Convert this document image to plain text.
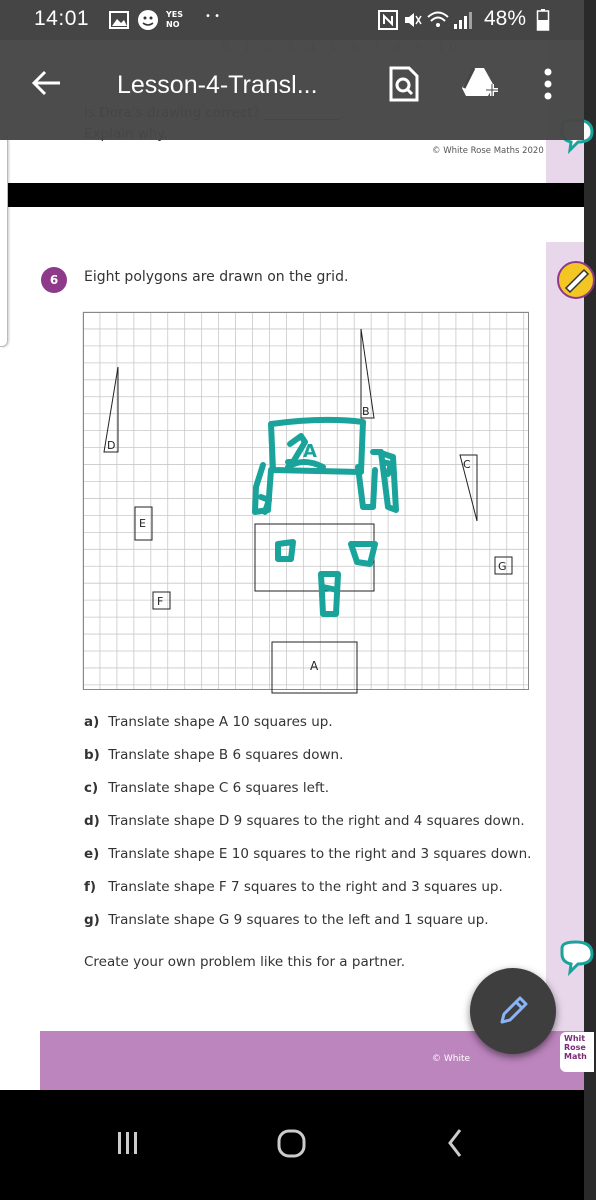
© White Rose Maths 2020
6	Eight polygons are drawn on the grid.
B
D
C
E
F
G
A
A
a) Translate shape A 10 squares up.
b) Translate shape B 6 squares down.
c) Translate shape C 6 squares left.
d) Translate shape D 9 squares to the right and 4 squares down.
e) Translate shape E 10 squares to the right and 3 squares down.
f) Translate shape F 7 squares to the right and 3 squares up.
g) Translate shape G 9 squares to the left and 1 square up.
Create your own problem like this for a partner.
© White
Whit
Rose
Math
14:01	YES NO
• •	48%
Lesson-4-Transl...
